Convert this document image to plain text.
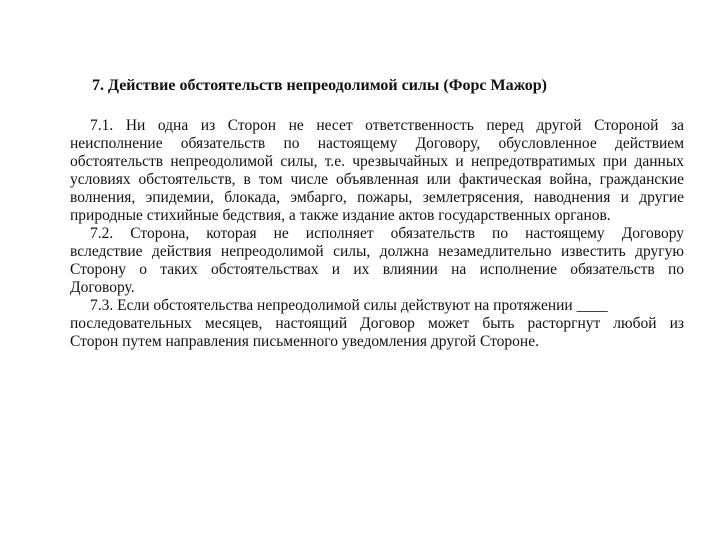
7. Действие обстоятельств непреодолимой силы (Форс Мажор)
7.1. Ни одна из Сторон не несет ответственность перед другой Стороной за
неисполнение обязательств по настоящему Договору, обусловленное действием
обстоятельств непреодолимой силы, т.е. чрезвычайных и непредотвратимых при данных
условиях обстоятельств, в том числе объявленная или фактическая война, гражданские
волнения, эпидемии, блокада, эмбарго, пожары, землетрясения, наводнения и другие
природные стихийные бедствия, а также издание актов государственных органов.
7.2. Сторона, которая не исполняет обязательств по настоящему Договору
вследствие действия непреодолимой силы, должна незамедлительно известить другую
Сторону о таких обстоятельствах и их влиянии на исполнение обязательств по
Договору.
7.3. Если обстоятельства непреодолимой силы действуют на протяжении ____
последовательных месяцев, настоящий Договор может быть расторгнут любой из
Сторон путем направления письменного уведомления другой Стороне.
